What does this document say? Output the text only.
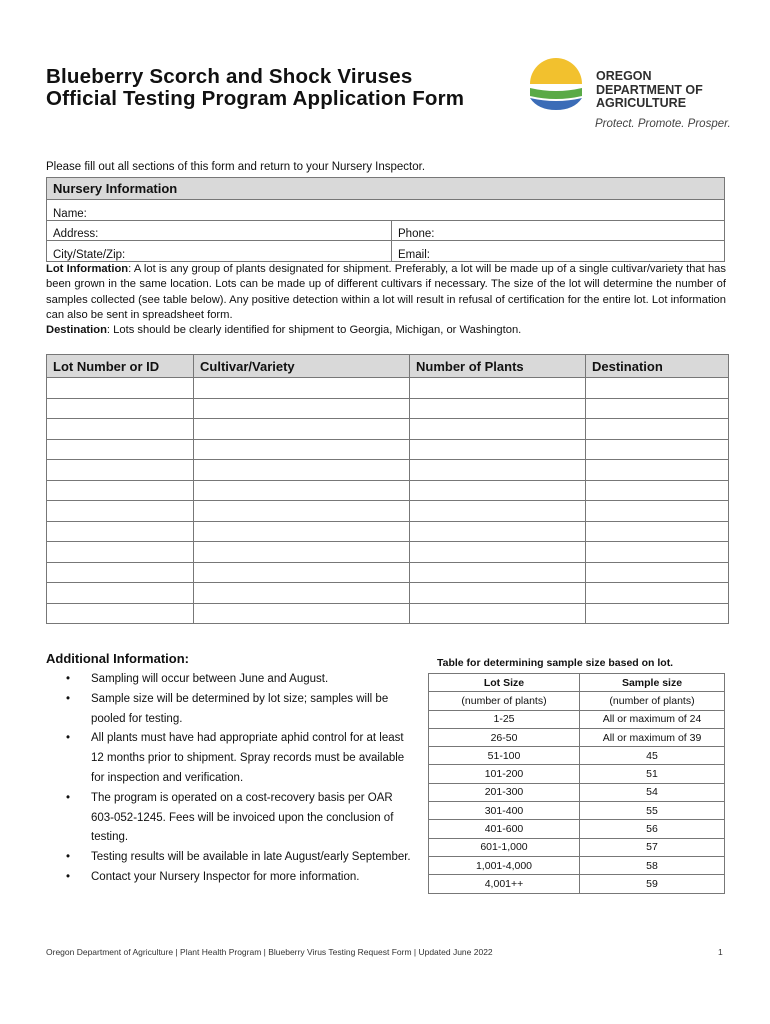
Blueberry Scorch and Shock Viruses
Official Testing Program Application Form
OREGON
DEPARTMENT OF
AGRICULTURE
Protect. Promote. Prosper.
Please fill out all sections of this form and return to your Nursery Inspector.
Nursery Information	
Name:	
Address:	Phone:
City/State/Zip:	Email:
Lot Information: A lot is any group of plants designated for shipment. Preferably, a lot will be made up of a single cultivar/variety that has been grown in the same location. Lots can be made up of different cultivars if necessary. The size of the lot will determine the number of samples collected (see table below). Any positive detection within a lot will result in refusal of certification for the entire lot. Lot information can also be sent in spreadsheet form.
Destination: Lots should be clearly identified for shipment to Georgia, Michigan, or Washington.
Lot Number or ID	Cultivar/Variety	Number of Plants	Destination

Additional Information:
• Sampling will occur between June and August.
• Sample size will be determined by lot size; samples will be pooled for testing.
• All plants must have had appropriate aphid control for at least 12 months prior to shipment. Spray records must be available for inspection and verification.
• The program is operated on a cost-recovery basis per OAR 603-052-1245. Fees will be invoiced upon the conclusion of testing.
• Testing results will be available in late August/early September.
• Contact your Nursery Inspector for more information.
Table for determining sample size based on lot.
Lot Size	Sample size
(number of plants)	(number of plants)
1-25	All or maximum of 24
26-50	All or maximum of 39
51-100	45
101-200	51
201-300	54
301-400	55
401-600	56
601-1,000	57
1,001-4,000	58
4,001++	59
Oregon Department of Agriculture | Plant Health Program | Blueberry Virus Testing Request Form | Updated June 2022	1
